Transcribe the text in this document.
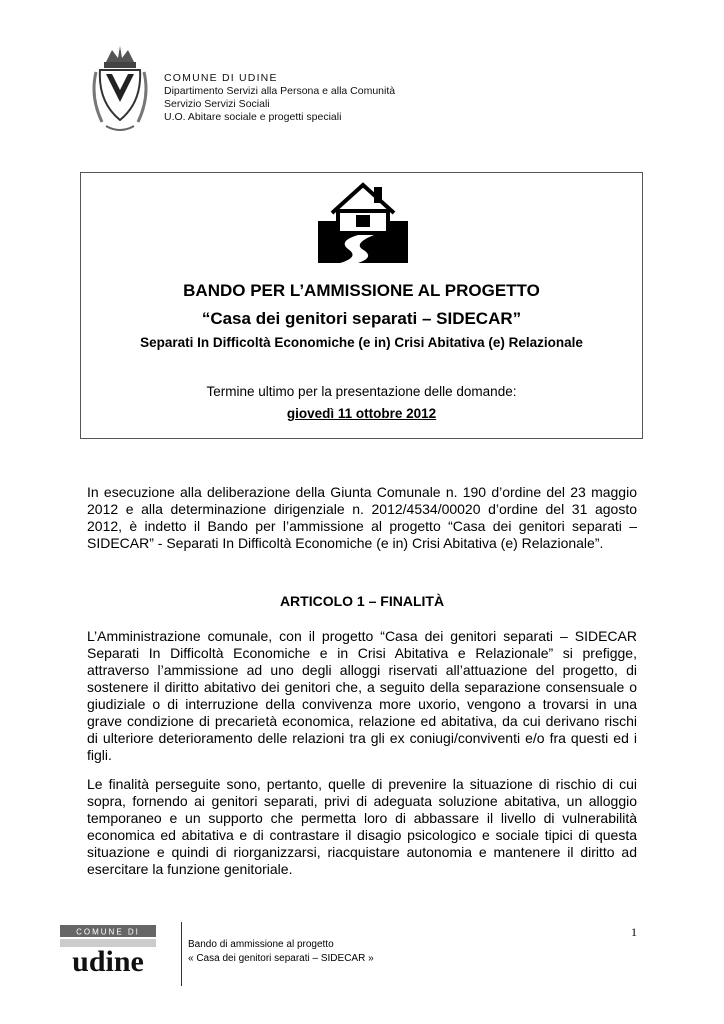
COMUNE DI UDINE
Dipartimento Servizi alla Persona e alla Comunità
Servizio Servizi Sociali
U.O. Abitare sociale e progetti speciali
BANDO PER L’AMMISSIONE AL PROGETTO
“Casa dei genitori separati – SIDECAR”
Separati In Difficoltà Economiche (e in) Crisi Abitativa (e) Relazionale
Termine ultimo per la presentazione delle domande:
giovedì 11 ottobre 2012

In esecuzione alla deliberazione della Giunta Comunale n. 190 d’ordine del 23 maggio 2012 e alla determinazione dirigenziale n. 2012/4534/00020 d’ordine del 31 agosto 2012, è indetto il Bando per l’ammissione al progetto “Casa dei genitori separati – SIDECAR” - Separati In Difficoltà Economiche (e in) Crisi Abitativa (e) Relazionale”.

ARTICOLO 1 – FINALITÀ

L’Amministrazione comunale, con il progetto “Casa dei genitori separati – SIDECAR Separati In Difficoltà Economiche e in Crisi Abitativa e Relazionale” si prefigge, attraverso l’ammissione ad uno degli alloggi riservati all’attuazione del progetto, di sostenere il diritto abitativo dei genitori che, a seguito della separazione consensuale o giudiziale o di interruzione della convivenza more uxorio, vengono a trovarsi in una grave condizione di precarietà economica, relazione ed abitativa, da cui derivano rischi di ulteriore deterioramento delle relazioni tra gli ex coniugi/conviventi e/o fra questi ed i figli.

Le finalità perseguite sono, pertanto, quelle di prevenire la situazione di rischio di cui sopra, fornendo ai genitori separati, privi di adeguata soluzione abitativa, un alloggio temporaneo e un supporto che permetta loro di abbassare il livello di vulnerabilità economica ed abitativa e di contrastare il disagio psicologico e sociale tipici di questa situazione e quindi di riorganizzarsi, riacquistare autonomia e mantenere il diritto ad esercitare la funzione genitoriale.

COMUNE DI
udine
Bando di ammissione al progetto
« Casa dei genitori separati – SIDECAR »
1
